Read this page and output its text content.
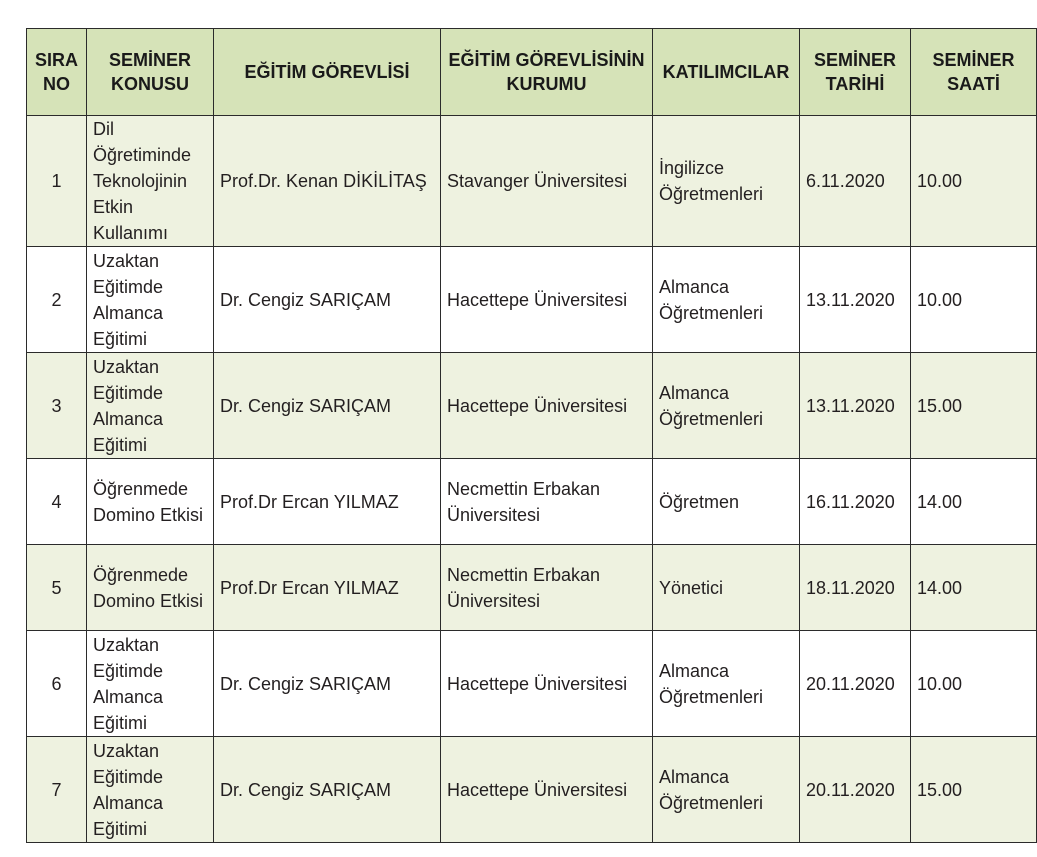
SIRA NO	SEMİNER KONUSU	EĞİTİM GÖREVLİSİ	EĞİTİM GÖREVLİSİNİN KURUMU	KATILIMCILAR	SEMİNER TARİHİ	SEMİNER SAATİ
1	Dil Öğretiminde Teknolojinin Etkin Kullanımı	Prof.Dr. Kenan DİKİLİTAŞ	Stavanger Üniversitesi	İngilizce Öğretmenleri	6.11.2020	10.00
2	Uzaktan Eğitimde Almanca Eğitimi	Dr. Cengiz SARIÇAM	Hacettepe Üniversitesi	Almanca Öğretmenleri	13.11.2020	10.00
3	Uzaktan Eğitimde Almanca Eğitimi	Dr. Cengiz SARIÇAM	Hacettepe Üniversitesi	Almanca Öğretmenleri	13.11.2020	15.00
4	Öğrenmede Domino Etkisi	Prof.Dr Ercan YILMAZ	Necmettin Erbakan Üniversitesi	Öğretmen	16.11.2020	14.00
5	Öğrenmede Domino Etkisi	Prof.Dr Ercan YILMAZ	Necmettin Erbakan Üniversitesi	Yönetici	18.11.2020	14.00
6	Uzaktan Eğitimde Almanca Eğitimi	Dr. Cengiz SARIÇAM	Hacettepe Üniversitesi	Almanca Öğretmenleri	20.11.2020	10.00
7	Uzaktan Eğitimde Almanca Eğitimi	Dr. Cengiz SARIÇAM	Hacettepe Üniversitesi	Almanca Öğretmenleri	20.11.2020	15.00
